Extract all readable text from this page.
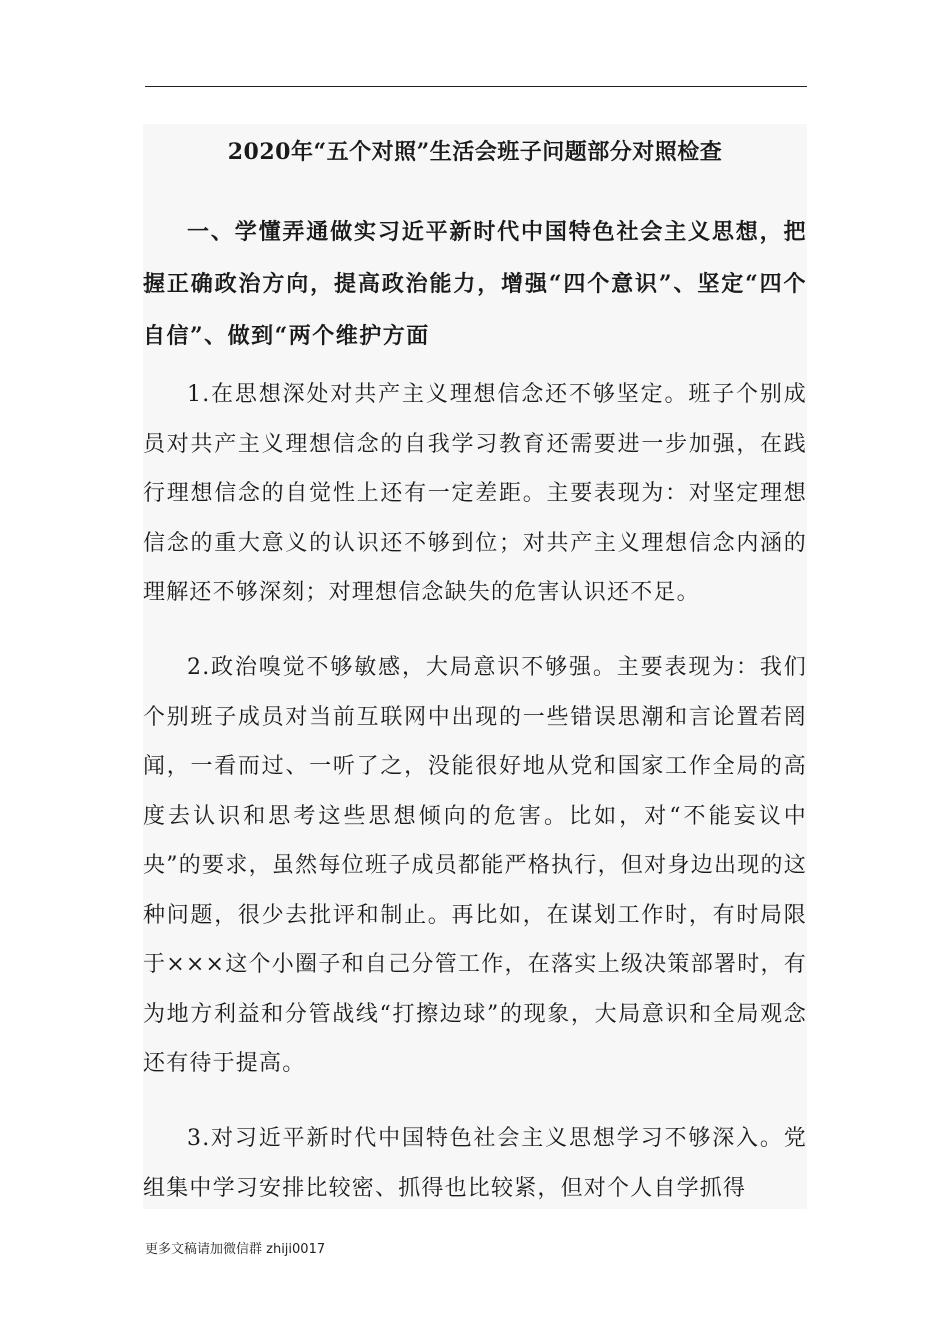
2020年“五个对照”生活会班子问题部分对照检查

一、学懂弄通做实习近平新时代中国特色社会主义思想，把握正确政治方向，提高政治能力，增强“四个意识”、坚定“四个自信”、做到“两个维护方面

1.在思想深处对共产主义理想信念还不够坚定。班子个别成员对共产主义理想信念的自我学习教育还需要进一步加强，在践行理想信念的自觉性上还有一定差距。主要表现为：对坚定理想信念的重大意义的认识还不够到位；对共产主义理想信念内涵的理解还不够深刻；对理想信念缺失的危害认识还不足。

2.政治嗅觉不够敏感，大局意识不够强。主要表现为：我们个别班子成员对当前互联网中出现的一些错误思潮和言论置若罔闻，一看而过、一听了之，没能很好地从党和国家工作全局的高度去认识和思考这些思想倾向的危害。比如，对“不能妄议中央”的要求，虽然每位班子成员都能严格执行，但对身边出现的这种问题，很少去批评和制止。再比如，在谋划工作时，有时局限于×××这个小圈子和自己分管工作，在落实上级决策部署时，有为地方利益和分管战线“打擦边球”的现象，大局意识和全局观念还有待于提高。

3.对习近平新时代中国特色社会主义思想学习不够深入。党组集中学习安排比较密、抓得也比较紧，但对个人自学抓得

更多文稿请加微信群 zhiji0017
